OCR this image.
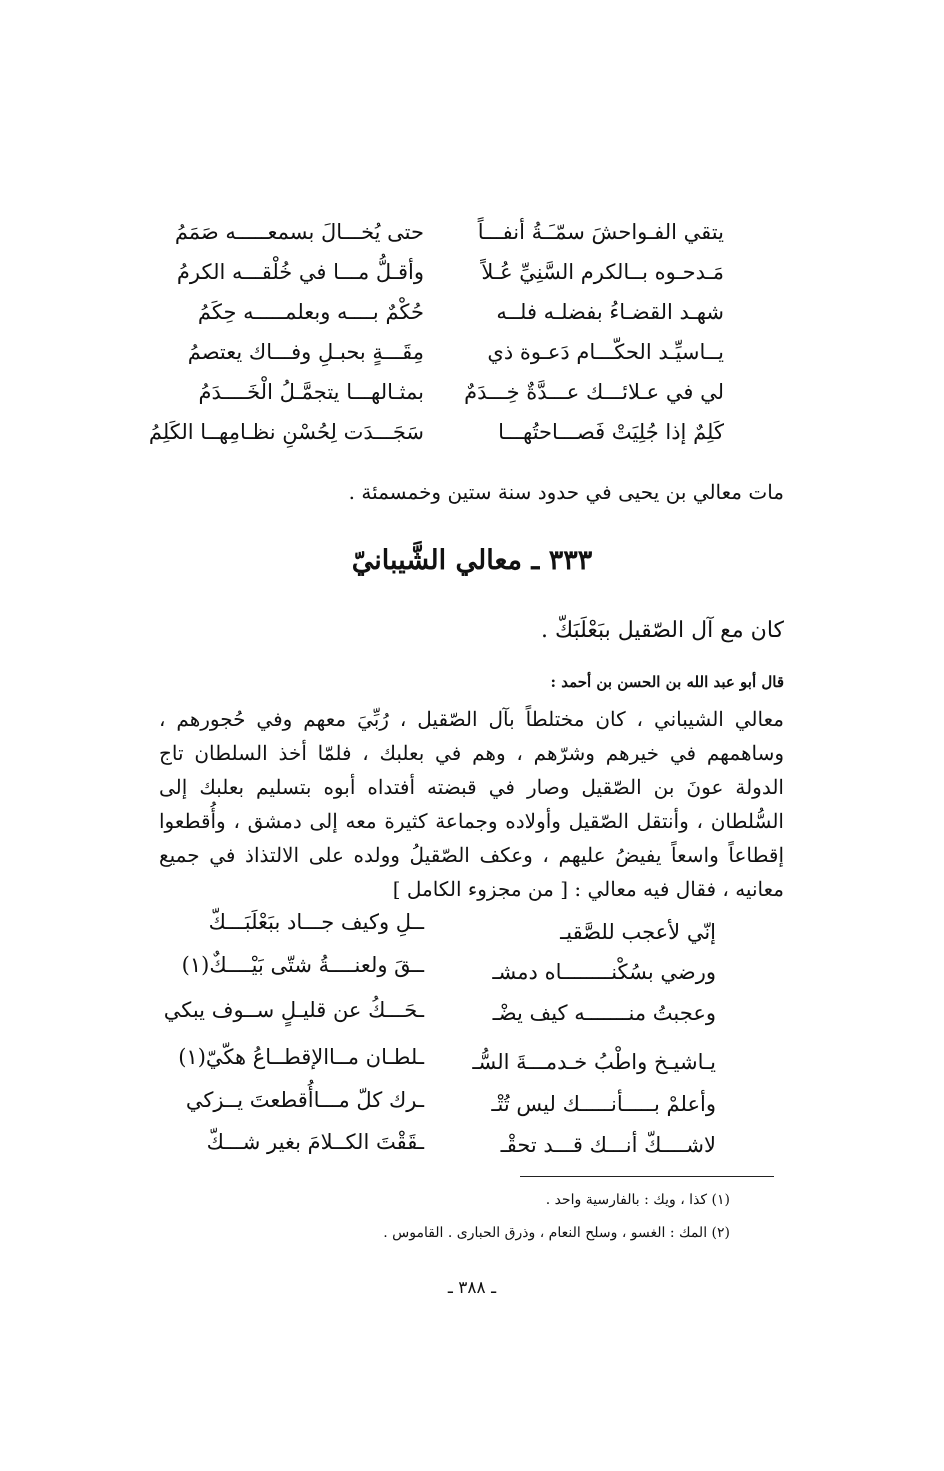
يتقي الفـواحشَ سمّـَـةُ أنفـــاً
حتى يُخـــالَ بسمعـــــه صَمَمُ
مَـدحـوه بــالكرم السَّنِيِّ عُـلاً
وأقـلُّ مـــا في خُلْقـــه الكرمُ
شهـد القضـاءُ بفضلـه فلــه
حُكْمٌ بــــه وبعلمـــــه حِكَمُ
يــاسيِّـد الحكّـــام دَعـوة ذي
مِقَـــةٍ بحبـلِ وفـــاك يعتصمُ
لي في عـلائـــك عـــدَّةٌ خِـــدَمٌ
بمثـالهـــا يتجمَّـلُ الْخَــــدَمُ
كَلِمٌ إذا جُلِيَتْ فَصـــاحتُهـــا
سَجَـــدَت لِحُسْنِ نظـامِهــا الكَلِمُ
مات معالي بن يحيى في حدود سنة ستين وخمسمئة .
٣٣٣ ـ معالي الشَّيبانيّ
كان مع آل الصّقيل ببَعْلَبَكّ .
قال أبو عبد الله بن الحسن بن أحمد :

معالي الشيباني ، كان مختلطاً بآل الصّقيل ، رُبِّيَ معهم وفي حُجورهم ، وساهمهم في خيرهم وشرّهم ، وهم في بعلبك ، فلمّا أخذ السلطان تاج الدولة عونَ بن الصّقيل وصار في قبضته أفتداه أبوه بتسليم بعلبك إلى السُّلطان ، وأنتقل الصّقيل وأولاده وجماعة كثيرة معه إلى دمشق ، وأُقطعوا إقطاعاً واسعاً يفيضُ عليهم ، وعكف الصّقيلُ وولده على الالتذاذ في جميع معانيه ، فقال فيه معالي : [ من مجزوء الكامل ]

إنّي لأعجب للصَّقيـ
ــلِ وكيف جـــاد ببَعْلَبَـــكّ
ورضي بسُكْنــــــــاه دمشـ
ــقَ ولعنــــةُ شتّى بَيْــــكٌ(١)
وعجبتُ منـــــــه كيف يضْـ
ـحَـــكُ عن قليـلٍ ســوف يبكي
يـاشيـخ واطْبُ خـدمـــةَ السُّـ
ـلطـان مــاالإقطــاعُ هكّيّ(١)
وأعلمْ بـــــأنـــــك ليس تُتْـ
ـرك كلّ مـــاأُقطعتَ يــزكي
لاشــــكّ أنـــك قـــد تحقْـ
ـقَقْتَ الكــلامَ بغير شـــكّ
(١) كذا ، ويك : بالفارسية واحد .
(٢) المك : الغسو ، وسلح النعام ، وذرق الحبارى . القاموس .
ـ ٣٨٨ ـ
